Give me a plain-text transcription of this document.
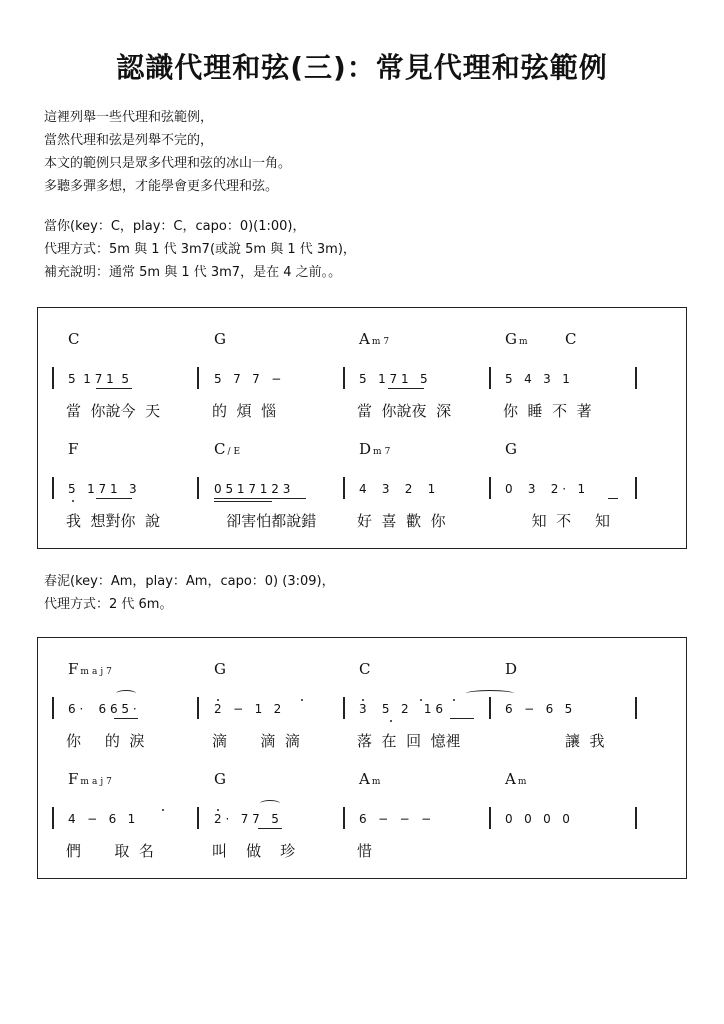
認識代理和弦(三)：常見代理和弦範例
這裡列舉一些代理和弦範例，
當然代理和弦是列舉不完的，
本文的範例只是眾多代理和弦的冰山一角。
多聽多彈多想，才能學會更多代理和弦。
當你(key：C，play：C，capo：0)(1:00)，
代理方式：5m 與 1 代 3m7(或說 5m 與 1 代 3m)，
補充說明：通常 5m 與 1 代 3m7，是在 4 之前。。
C	G	Am7	Gm C
5  1 7 1  5	5   7   7   −	5   1 7 1   5	5   4   3   1
當  你說今  天	的  煩  惱	當  你說夜  深	你  睡  不  著
F	C /E	Dm7	G
5   1 7 1   3	0 5 1 7 1 2 3	4    3    2    1	0    3    2 ·   1
我  想對你  說	卻害怕都說錯	好  喜  歡  你	知  不     知
春泥(key：Am，play：Am，capo：0) (3:09)，
代理方式：2 代 6m。
Fmaj7	G	C	D
6 ·    6 6 5 ·	2   −   1   2	3    5   2    1 6	6   −   6   5
你     的  淚	滴       滴  滴	落  在  回  憶裡	讓  我
Fmaj7	G	Am	Am
4   −   6   1	2 ·   7 7   5	6   −   −   −	0   0   0   0
們       取  名	叫    做    珍	惜
